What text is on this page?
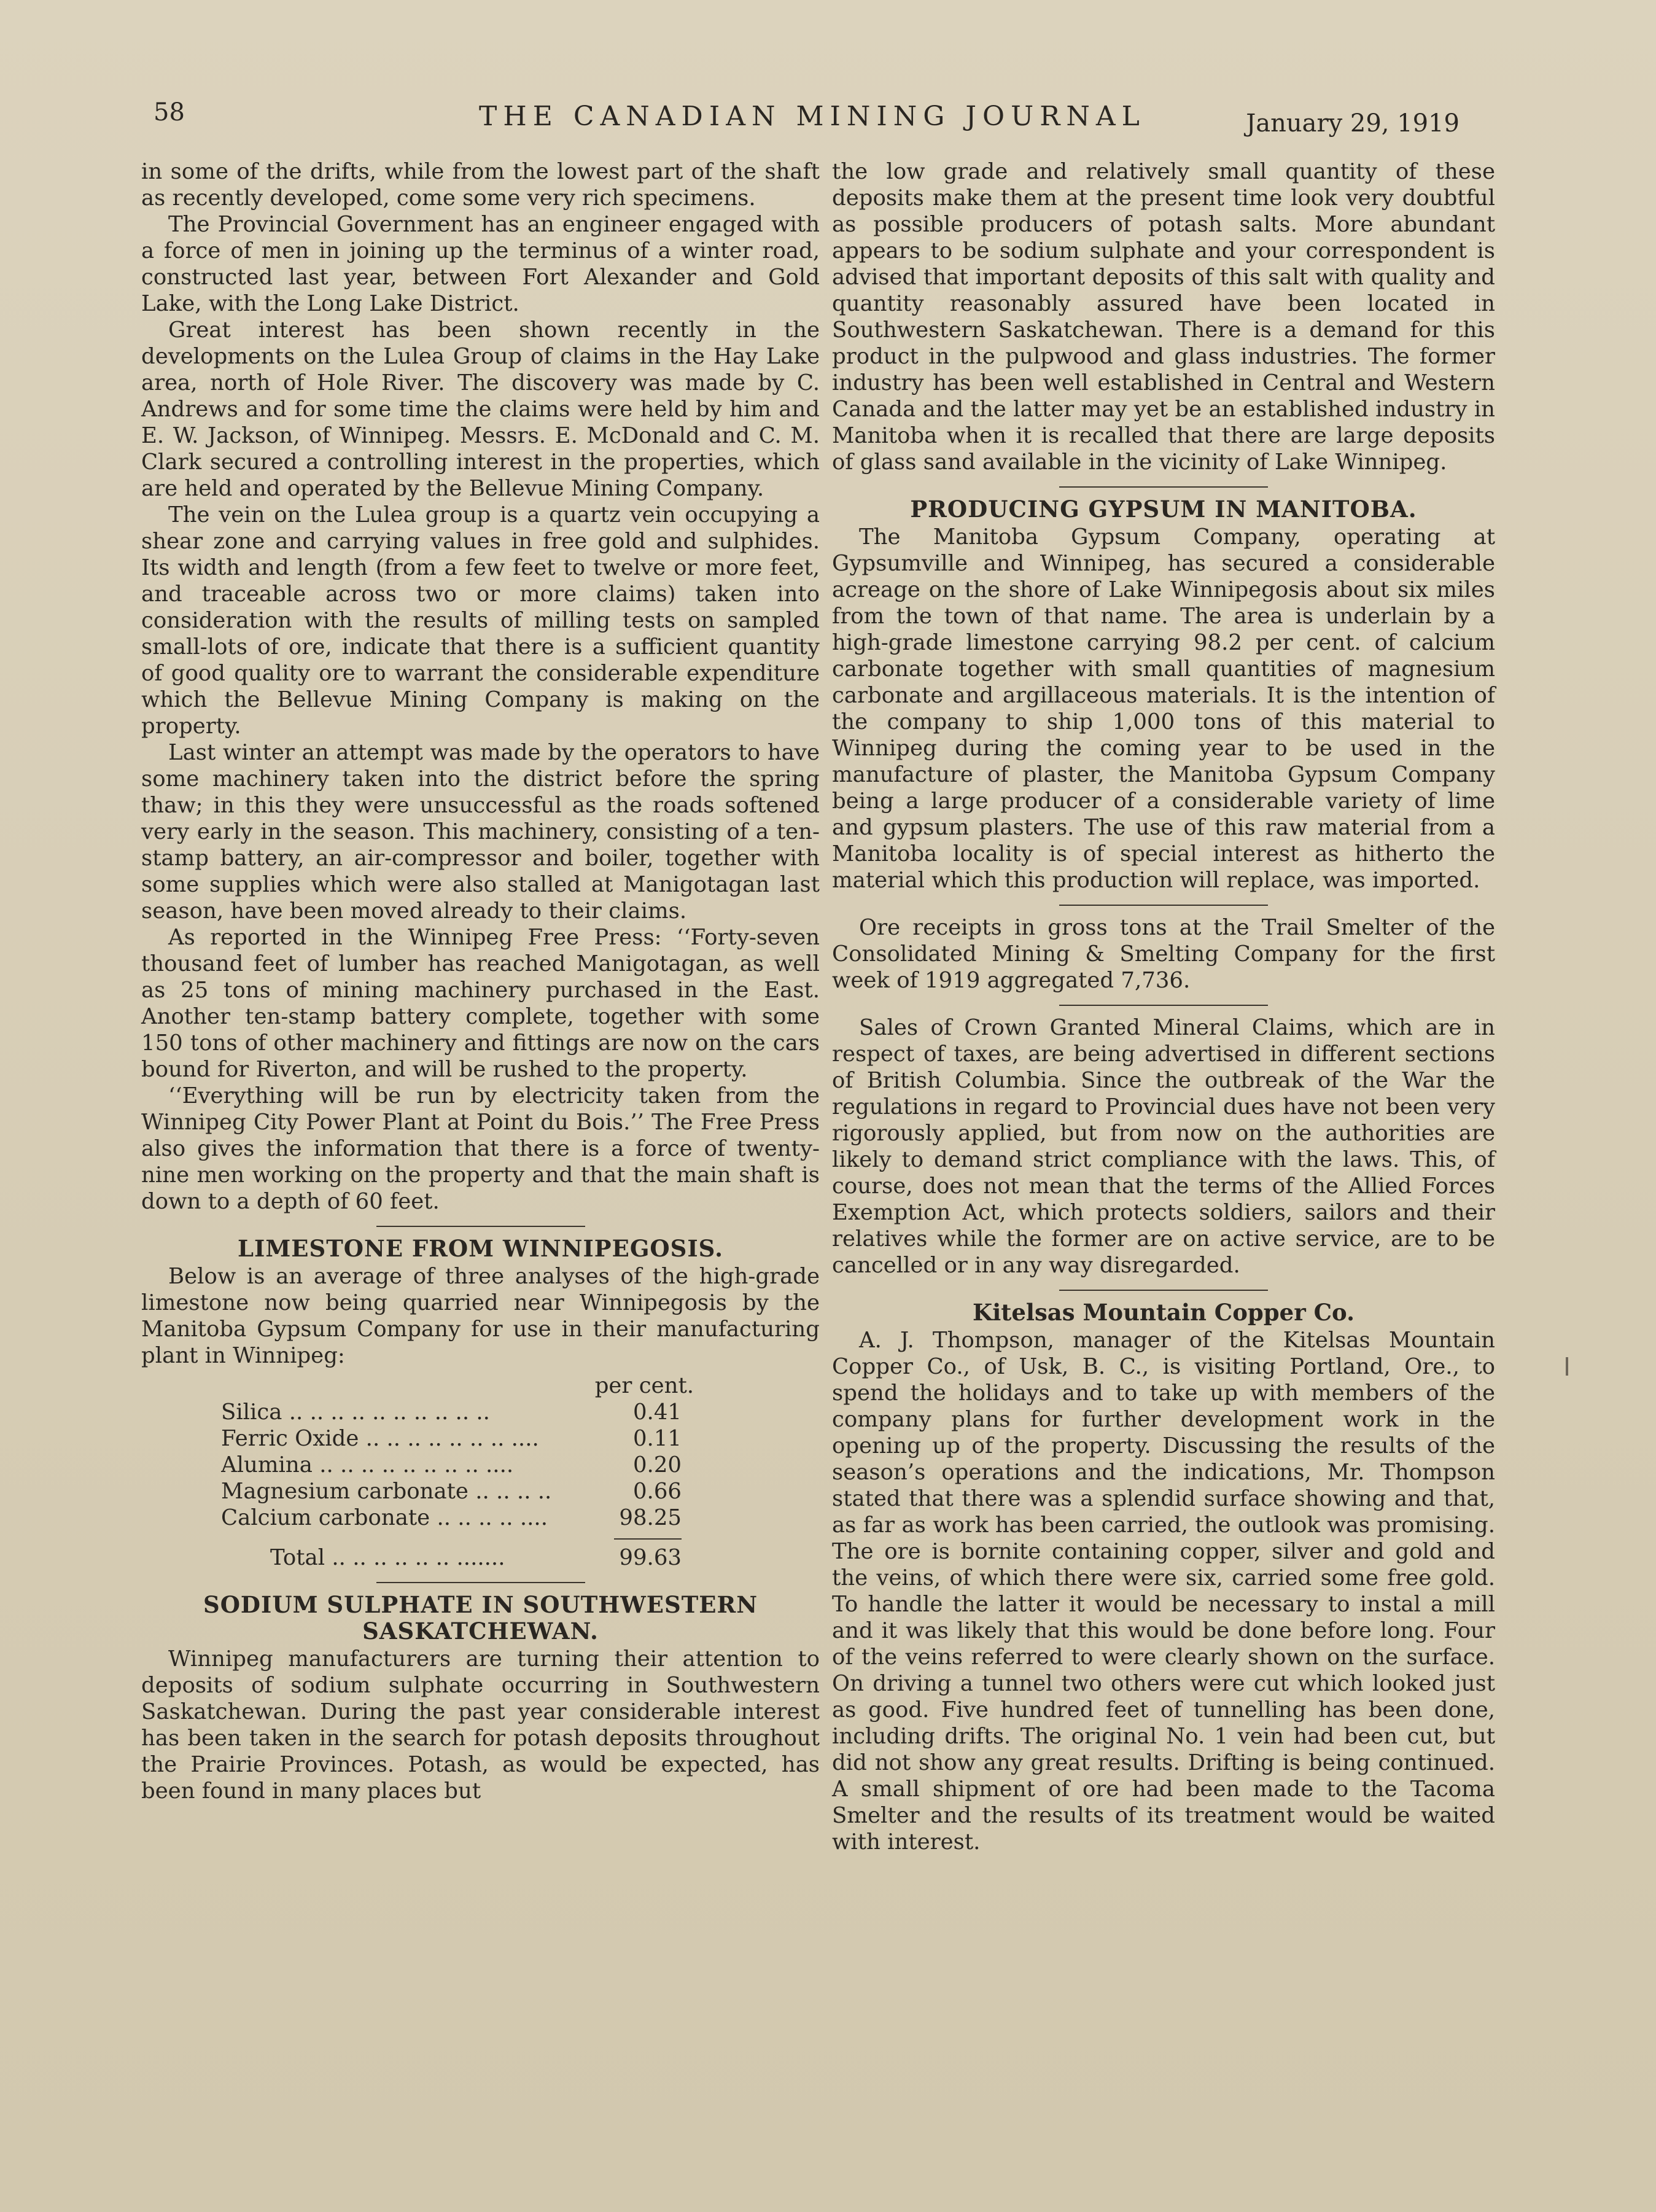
58	THE CANADIAN MINING JOURNAL	January 29, 1919

in some of the drifts, while from the lowest part of the shaft as recently developed, come some very rich specimens.

The Provincial Government has an engineer engaged with a force of men in joining up the terminus of a winter road, constructed last year, between Fort Alexander and Gold Lake, with the Long Lake District.

Great interest has been shown recently in the developments on the Lulea Group of claims in the Hay Lake area, north of Hole River. The discovery was made by C. Andrews and for some time the claims were held by him and E. W. Jackson, of Winnipeg. Messrs. E. McDonald and C. M. Clark secured a controlling interest in the properties, which are held and operated by the Bellevue Mining Company.

The vein on the Lulea group is a quartz vein occupying a shear zone and carrying values in free gold and sulphides. Its width and length (from a few feet to twelve or more feet, and traceable across two or more claims) taken into consideration with the results of milling tests on sampled small-lots of ore, indicate that there is a sufficient quantity of good quality ore to warrant the considerable expenditure which the Bellevue Mining Company is making on the property.

Last winter an attempt was made by the operators to have some machinery taken into the district before the spring thaw; in this they were unsuccessful as the roads softened very early in the season. This machinery, consisting of a ten-stamp battery, an air-compressor and boiler, together with some supplies which were also stalled at Manigotagan last season, have been moved already to their claims.

As reported in the Winnipeg Free Press: ‘‘Forty-seven thousand feet of lumber has reached Manigotagan, as well as 25 tons of mining machinery purchased in the East. Another ten-stamp battery complete, together with some 150 tons of other machinery and fittings are now on the cars bound for Riverton, and will be rushed to the property.

‘‘Everything will be run by electricity taken from the Winnipeg City Power Plant at Point du Bois.’’ The Free Press also gives the information that there is a force of twenty-nine men working on the property and that the main shaft is down to a depth of 60 feet.

LIMESTONE FROM WINNIPEGOSIS.

Below is an average of three analyses of the high-grade limestone now being quarried near Winnipegosis by the Manitoba Gypsum Company for use in their manufacturing plant in Winnipeg:

per cent.
Silica .. .. .. .. .. .. .. .. .. ..	0.41
Ferric Oxide .. .. .. .. .. .. .. ....	0.11
Alumina .. .. .. .. .. .. .. .. ....	0.20
Magnesium carbonate .. .. .. ..	0.66
Calcium carbonate .. .. .. .. ....	98.25
Total .. .. .. .. .. .. .......	99.63
SODIUM SULPHATE IN SOUTHWESTERN
SASKATCHEWAN.

Winnipeg manufacturers are turning their attention to deposits of sodium sulphate occurring in Southwestern Saskatchewan. During the past year considerable interest has been taken in the search for potash deposits throughout the Prairie Provinces. Potash, as would be expected, has been found in many places but

the low grade and relatively small quantity of these deposits make them at the present time look very doubtful as possible producers of potash salts. More abundant appears to be sodium sulphate and your correspondent is advised that important deposits of this salt with quality and quantity reasonably assured have been located in Southwestern Saskatchewan. There is a demand for this product in the pulpwood and glass industries. The former industry has been well established in Central and Western Canada and the latter may yet be an established industry in Manitoba when it is recalled that there are large deposits of glass sand available in the vicinity of Lake Winnipeg.

PRODUCING GYPSUM IN MANITOBA.

The Manitoba Gypsum Company, operating at Gypsumville and Winnipeg, has secured a considerable acreage on the shore of Lake Winnipegosis about six miles from the town of that name. The area is underlain by a high-grade limestone carrying 98.2 per cent. of calcium carbonate together with small quantities of magnesium carbonate and argillaceous materials. It is the intention of the company to ship 1,000 tons of this material to Winnipeg during the coming year to be used in the manufacture of plaster, the Manitoba Gypsum Company being a large producer of a considerable variety of lime and gypsum plasters. The use of this raw material from a Manitoba locality is of special interest as hitherto the material which this production will replace, was imported.

Ore receipts in gross tons at the Trail Smelter of the Consolidated Mining & Smelting Company for the first week of 1919 aggregated 7,736.

Sales of Crown Granted Mineral Claims, which are in respect of taxes, are being advertised in different sections of British Columbia. Since the outbreak of the War the regulations in regard to Provincial dues have not been very rigorously applied, but from now on the authorities are likely to demand strict compliance with the laws. This, of course, does not mean that the terms of the Allied Forces Exemption Act, which protects soldiers, sailors and their relatives while the former are on active service, are to be cancelled or in any way disregarded.

Kitelsas Mountain Copper Co.

A. J. Thompson, manager of the Kitelsas Mountain Copper Co., of Usk, B. C., is visiting Portland, Ore., to spend the holidays and to take up with members of the company plans for further development work in the opening up of the property. Discussing the results of the season’s operations and the indications, Mr. Thompson stated that there was a splendid surface showing and that, as far as work has been carried, the outlook was promising. The ore is bornite containing copper, silver and gold and the veins, of which there were six, carried some free gold. To handle the latter it would be necessary to instal a mill and it was likely that this would be done before long. Four of the veins referred to were clearly shown on the surface. On driving a tunnel two others were cut which looked just as good. Five hundred feet of tunnelling has been done, including drifts. The original No. 1 vein had been cut, but did not show any great results. Drifting is being continued. A small shipment of ore had been made to the Tacoma Smelter and the results of its treatment would be waited with interest.
